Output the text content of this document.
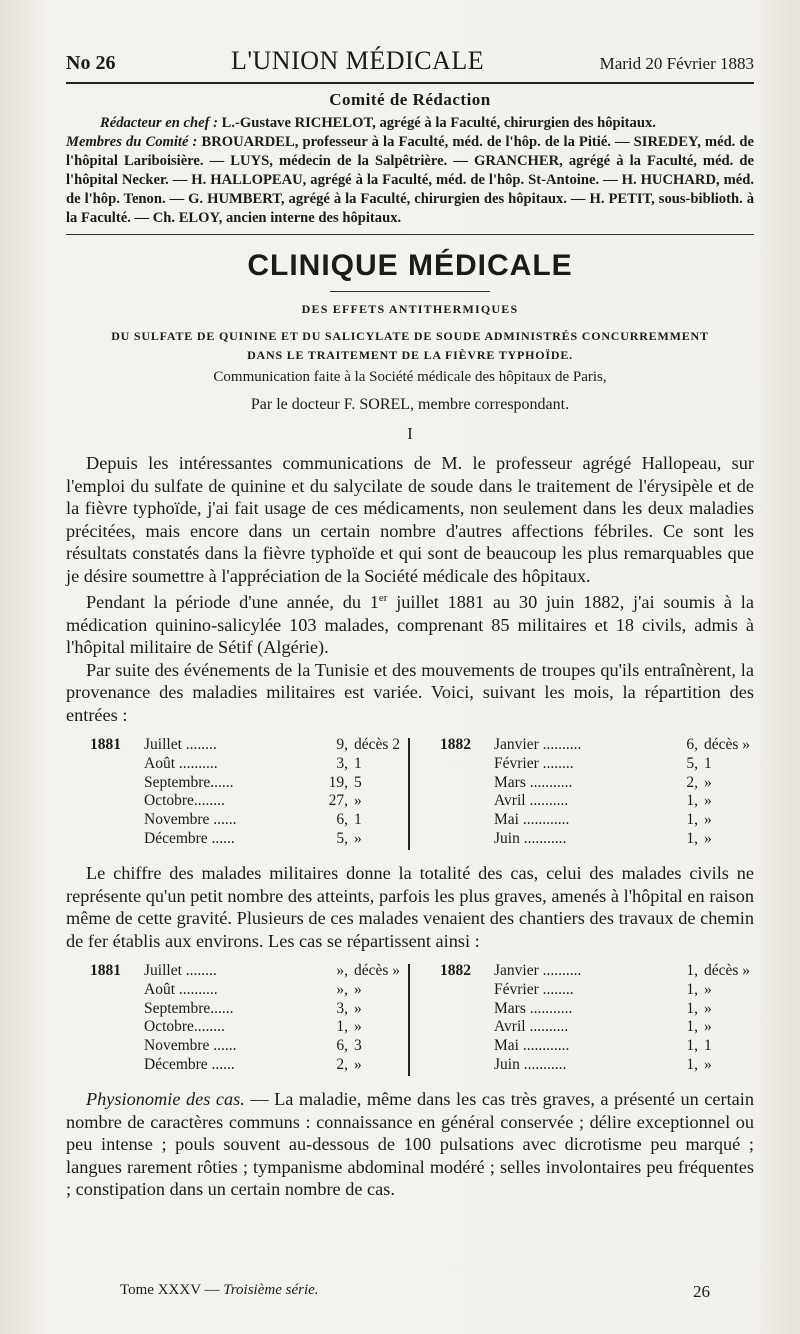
No 26	L'UNION MÉDICALE	Marid 20 Février 1883
Comité de Rédaction

Rédacteur en chef : L.-Gustave RICHELOT, agrégé à la Faculté, chirurgien des hôpitaux.

Membres du Comité : BROUARDEL, professeur à la Faculté, méd. de l'hôp. de la Pitié. — SIREDEY, méd. de l'hôpital Lariboisière. — LUYS, médecin de la Salpêtrière. — GRANCHER, agrégé à la Faculté, méd. de l'hôpital Necker. — H. HALLOPEAU, agrégé à la Faculté, méd. de l'hôp. St-Antoine. — H. HUCHARD, méd. de l'hôp. Tenon. — G. HUMBERT, agrégé à la Faculté, chirurgien des hôpitaux. — H. PETIT, sous-biblioth. à la Faculté. — Ch. ELOY, ancien interne des hôpitaux.

CLINIQUE MÉDICALE
DES EFFETS ANTITHERMIQUES

DU SULFATE DE QUININE ET DU SALICYLATE DE SOUDE ADMINISTRÉS CONCURREMMENT

DANS LE TRAITEMENT DE LA FIÈVRE TYPHOÏDE.

Communication faite à la Société médicale des hôpitaux de Paris,
Par le docteur F. SOREL, membre correspondant.
I

Depuis les intéressantes communications de M. le professeur agrégé Hallopeau, sur l'emploi du sulfate de quinine et du salycilate de soude dans le traitement de l'érysipèle et de la fièvre typhoïde, j'ai fait usage de ces médicaments, non seulement dans les deux maladies précitées, mais encore dans un certain nombre d'autres affections fébriles. Ce sont les résultats constatés dans la fièvre typhoïde et qui sont de beaucoup les plus remarquables que je désire soumettre à l'appréciation de la Société médicale des hôpitaux.

Pendant la période d'une année, du 1er juillet 1881 au 30 juin 1882, j'ai soumis à la médication quinino-salicylée 103 malades, comprenant 85 militaires et 18 civils, admis à l'hôpital militaire de Sétif (Algérie).

Par suite des événements de la Tunisie et des mouvements de troupes qu'ils entraînèrent, la provenance des maladies militaires est variée. Voici, suivant les mois, la répartition des entrées :

1881	Juillet ........	9, décès 2
Août ..........	3, 1
Septembre......	19, 5
Octobre........	27, »
Novembre ......	6, 1
Décembre ......	5, »
1882	Janvier ..........	6, décès »
Février ........	5, 1
Mars ...........	2, »
Avril ..........	1, »
Mai ............	1, »
Juin ...........	1, »

Le chiffre des malades militaires donne la totalité des cas, celui des malades civils ne représente qu'un petit nombre des atteints, parfois les plus graves, amenés à l'hôpital en raison même de cette gravité. Plusieurs de ces malades venaient des chantiers des travaux de chemin de fer établis aux environs. Les cas se répartissent ainsi :

1881	Juillet ........	», décès »
Août ..........	», »
Septembre......	3, »
Octobre........	1, »
Novembre ......	6, 3
Décembre ......	2, »
1882	Janvier ..........	1, décès »
Février ........	1, »
Mars ...........	1, »
Avril ..........	1, »
Mai ............	1, 1
Juin ...........	1, »

Physionomie des cas. — La maladie, même dans les cas très graves, a présenté un certain nombre de caractères communs : connaissance en général conservée ; délire exceptionnel ou peu intense ; pouls souvent au-dessous de 100 pulsations avec dicrotisme peu marqué ; langues rarement rôties ; tympanisme abdominal modéré ; selles involontaires peu fréquentes ; constipation dans un certain nombre de cas.

Tome XXXV — Troisième série.	26
